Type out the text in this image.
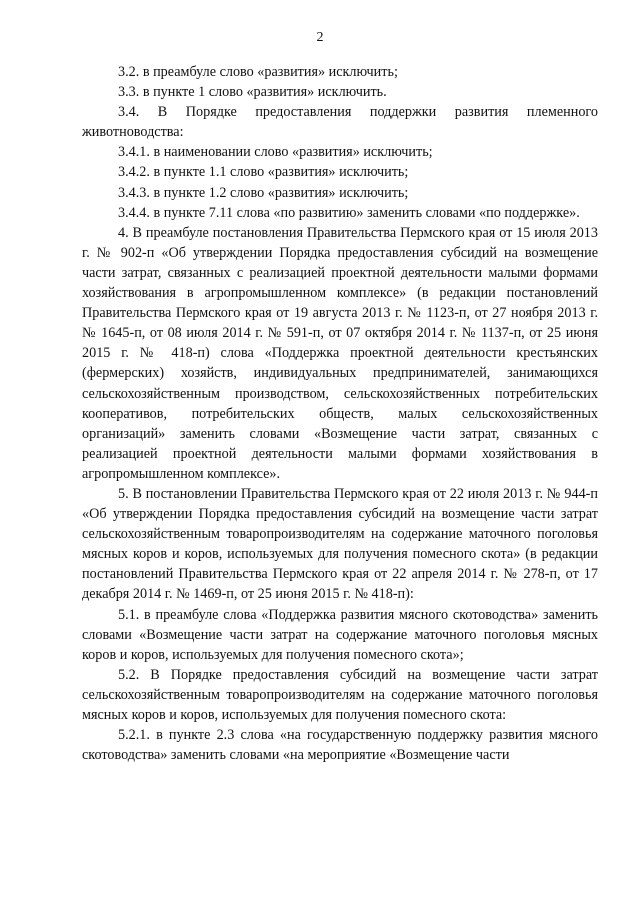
2

3.2. в преамбуле слово «развития» исключить;

3.3. в пункте 1 слово «развития» исключить.

3.4. В Порядке предоставления поддержки развития племенного животноводства:

3.4.1. в наименовании слово «развития» исключить;

3.4.2. в пункте 1.1 слово «развития» исключить;

3.4.3. в пункте 1.2 слово «развития» исключить;

3.4.4. в пункте 7.11 слова «по развитию» заменить словами «по поддержке».

4. В преамбуле постановления Правительства Пермского края от 15 июля 2013 г. № 902-п «Об утверждении Порядка предоставления субсидий на возмещение части затрат, связанных с реализацией проектной деятельности малыми формами хозяйствования в агропромышленном комплексе» (в редакции постановлений Правительства Пермского края от 19 августа 2013 г. № 1123-п, от 27 ноября 2013 г. № 1645-п, от 08 июля 2014 г. № 591-п, от 07 октября 2014 г. № 1137-п, от 25 июня 2015 г. № 418-п) слова «Поддержка проектной деятельности крестьянских (фермерских) хозяйств, индивидуальных предпринимателей, занимающихся сельскохозяйственным производством, сельскохозяйственных потребительских кооперативов, потребительских обществ, малых сельскохозяйственных организаций» заменить словами «Возмещение части затрат, связанных с реализацией проектной деятельности малыми формами хозяйствования в агропромышленном комплексе».

5. В постановлении Правительства Пермского края от 22 июля 2013 г. № 944-п «Об утверждении Порядка предоставления субсидий на возмещение части затрат сельскохозяйственным товаропроизводителям на содержание маточного поголовья мясных коров и коров, используемых для получения помесного скота» (в редакции постановлений Правительства Пермского края от 22 апреля 2014 г. № 278-п, от 17 декабря 2014 г. № 1469-п, от 25 июня 2015 г. № 418-п):

5.1. в преамбуле слова «Поддержка развития мясного скотоводства» заменить словами «Возмещение части затрат на содержание маточного поголовья мясных коров и коров, используемых для получения помесного скота»;

5.2. В Порядке предоставления субсидий на возмещение части затрат сельскохозяйственным товаропроизводителям на содержание маточного поголовья мясных коров и коров, используемых для получения помесного скота:

5.2.1. в пункте 2.3 слова «на государственную поддержку развития мясного скотоводства» заменить словами «на мероприятие «Возмещение части
